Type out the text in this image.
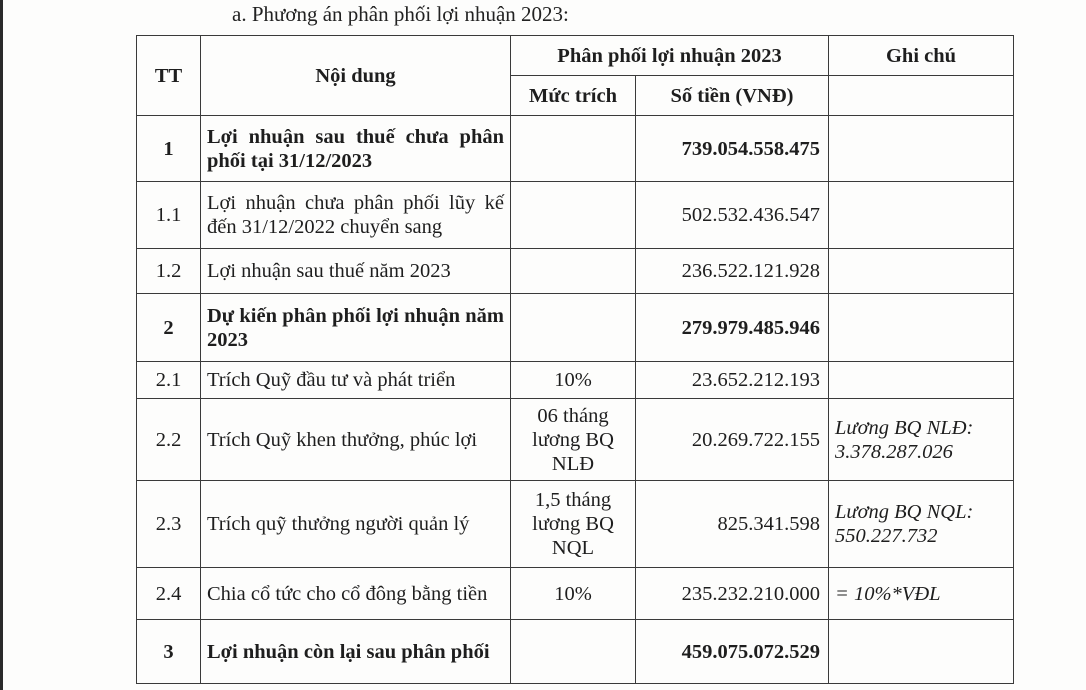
a. Phương án phân phối lợi nhuận 2023:
TT	Nội dung	Phân phối lợi nhuận 2023		Ghi chú
		Mức trích	Số tiền (VNĐ)	
1	Lợi nhuận sau thuế chưa phân phối tại 31/12/2023		739.054.558.475	
1.1	Lợi nhuận chưa phân phối lũy kế đến 31/12/2022 chuyển sang		502.532.436.547	
1.2	Lợi nhuận sau thuế năm 2023		236.522.121.928	
2	Dự kiến phân phối lợi nhuận năm 2023		279.979.485.946	
2.1	Trích Quỹ đầu tư và phát triển	10%	23.652.212.193	
2.2	Trích Quỹ khen thưởng, phúc lợi	06 tháng lương BQ NLĐ	20.269.722.155	Lương BQ NLĐ: 3.378.287.026
2.3	Trích quỹ thưởng người quản lý	1,5 tháng lương BQ NQL	825.341.598	Lương BQ NQL: 550.227.732
2.4	Chia cổ tức cho cổ đông bằng tiền	10%	235.232.210.000	= 10%*VĐL
3	Lợi nhuận còn lại sau phân phối		459.075.072.529	
